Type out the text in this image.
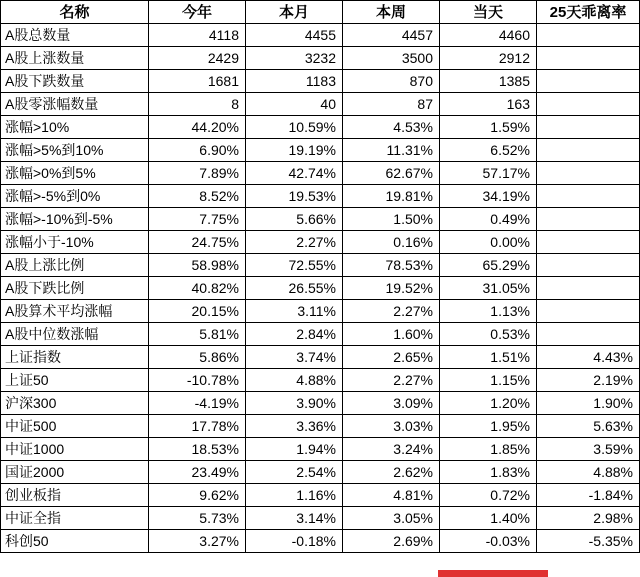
名称	今年	本月	本周	当天	25天乖离率
A股总数量	4118	4455	4457	4460	
A股上涨数量	2429	3232	3500	2912	
A股下跌数量	1681	1183	870	1385	
A股零涨幅数量	8	40	87	163	
涨幅>10%	44.20%	10.59%	4.53%	1.59%	
涨幅>5%到10%	6.90%	19.19%	11.31%	6.52%	
涨幅>0%到5%	7.89%	42.74%	62.67%	57.17%	
涨幅>-5%到0%	8.52%	19.53%	19.81%	34.19%	
涨幅>-10%到-5%	7.75%	5.66%	1.50%	0.49%	
涨幅小于-10%	24.75%	2.27%	0.16%	0.00%	
A股上涨比例	58.98%	72.55%	78.53%	65.29%	
A股下跌比例	40.82%	26.55%	19.52%	31.05%	
A股算术平均涨幅	20.15%	3.11%	2.27%	1.13%	
A股中位数涨幅	5.81%	2.84%	1.60%	0.53%	
上证指数	5.86%	3.74%	2.65%	1.51%	4.43%
上证50	-10.78%	4.88%	2.27%	1.15%	2.19%
沪深300	-4.19%	3.90%	3.09%	1.20%	1.90%
中证500	17.78%	3.36%	3.03%	1.95%	5.63%
中证1000	18.53%	1.94%	3.24%	1.85%	3.59%
国证2000	23.49%	2.54%	2.62%	1.83%	4.88%
创业板指	9.62%	1.16%	4.81%	0.72%	-1.84%
中证全指	5.73%	3.14%	3.05%	1.40%	2.98%
科创50	3.27%	-0.18%	2.69%	-0.03%	-5.35%
